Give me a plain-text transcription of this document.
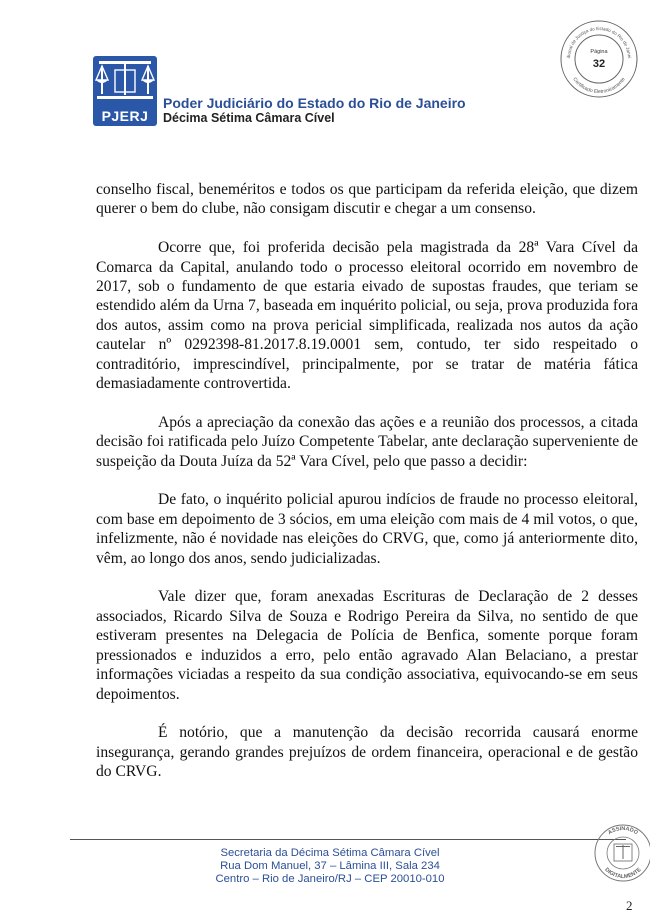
PJERJ
Poder Judiciário do Estado do Rio de Janeiro
Décima Sétima Câmara Cível
ibunal de Justiça do Estado do Rio de Janei
Certificado Eletronicamente
Página
32

conselho fiscal, beneméritos e todos os que participam da referida eleição, que dizem querer o bem do clube, não consigam discutir e chegar a um consenso.

Ocorre que, foi proferida decisão pela magistrada da 28ª Vara Cível da Comarca da Capital, anulando todo o processo eleitoral ocorrido em novembro de 2017, sob o fundamento de que estaria eivado de supostas fraudes, que teriam se estendido além da Urna 7, baseada em inquérito policial, ou seja, prova produzida fora dos autos, assim como na prova pericial simplificada, realizada nos autos da ação cautelar nº 0292398-81.2017.8.19.0001 sem, contudo, ter sido respeitado o contraditório, imprescindível, principalmente, por se tratar de matéria fática demasiadamente controvertida.

Após a apreciação da conexão das ações e a reunião dos processos, a citada decisão foi ratificada pelo Juízo Competente Tabelar, ante declaração superveniente de suspeição da Douta Juíza da 52ª Vara Cível, pelo que passo a decidir:

De fato, o inquérito policial apurou indícios de fraude no processo eleitoral, com base em depoimento de 3 sócios, em uma eleição com mais de 4 mil votos, o que, infelizmente, não é novidade nas eleições do CRVG, que, como já anteriormente dito, vêm, ao longo dos anos, sendo judicializadas.

Vale dizer que, foram anexadas Escrituras de Declaração de 2 desses associados, Ricardo Silva de Souza e Rodrigo Pereira da Silva, no sentido de que estiveram presentes na Delegacia de Polícia de Benfica, somente porque foram pressionados e induzidos a erro, pelo então agravado Alan Belaciano, a prestar informações viciadas a respeito da sua condição associativa, equivocando-se em seus depoimentos.

É notório, que a manutenção da decisão recorrida causará enorme insegurança, gerando grandes prejuízos de ordem financeira, operacional e de gestão do CRVG.

Secretaria da Décima Sétima Câmara Cível
Rua Dom Manuel, 37 – Lâmina III, Sala 234
Centro – Rio de Janeiro/RJ – CEP 20010-010
ASSINADO
DIGITALMENTE
2
